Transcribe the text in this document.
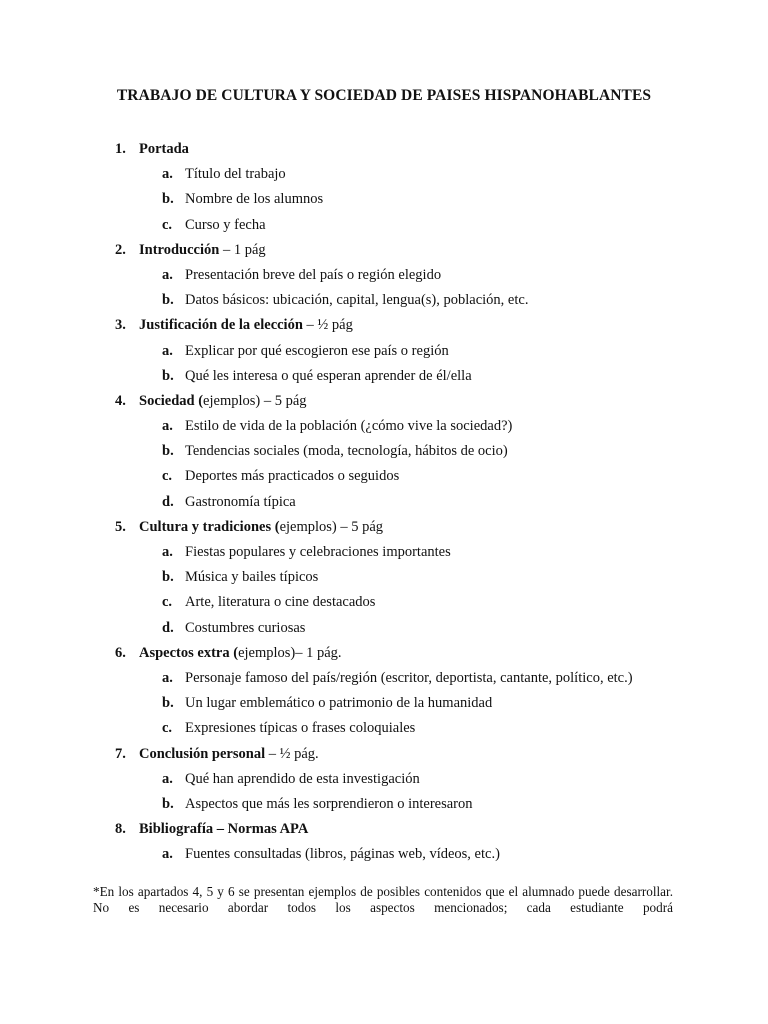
TRABAJO DE CULTURA Y SOCIEDAD DE PAISES HISPANOHABLANTES
1. Portada
a. Título del trabajo
b. Nombre de los alumnos
c. Curso y fecha
2. Introducción – 1 pág
a. Presentación breve del país o región elegido
b. Datos básicos: ubicación, capital, lengua(s), población, etc.
3. Justificación de la elección – ½ pág
a. Explicar por qué escogieron ese país o región
b. Qué les interesa o qué esperan aprender de él/ella
4. Sociedad (ejemplos) – 5 pág
a. Estilo de vida de la población (¿cómo vive la sociedad?)
b. Tendencias sociales (moda, tecnología, hábitos de ocio)
c. Deportes más practicados o seguidos
d. Gastronomía típica
5. Cultura y tradiciones (ejemplos) – 5 pág
a. Fiestas populares y celebraciones importantes
b. Música y bailes típicos
c. Arte, literatura o cine destacados
d. Costumbres curiosas
6. Aspectos extra (ejemplos)– 1 pág.
a. Personaje famoso del país/región (escritor, deportista, cantante, político, etc.)
b. Un lugar emblemático o patrimonio de la humanidad
c. Expresiones típicas o frases coloquiales
7. Conclusión personal – ½ pág.
a. Qué han aprendido de esta investigación
b. Aspectos que más les sorprendieron o interesaron
8. Bibliografía – Normas APA
a. Fuentes consultadas (libros, páginas web, vídeos, etc.)
*En los apartados 4, 5 y 6 se presentan ejemplos de posibles contenidos que el alumnado puede desarrollar. No es necesario abordar todos los aspectos mencionados; cada estudiante podrá
